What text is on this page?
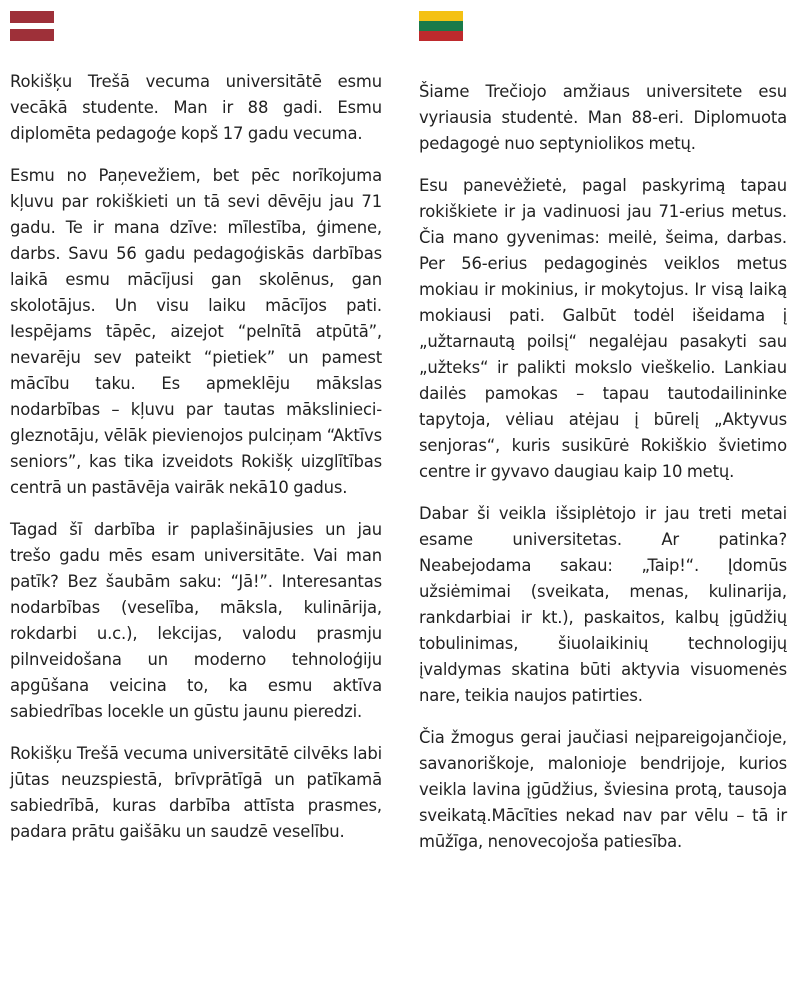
Rokišķu Trešā vecuma universitātē esmu vecākā studente. Man ir 88 gadi. Esmu diplomēta pedagoģe kopš 17 gadu vecuma.

Esmu no Paņevežiem, bet pēc norīkojuma kļuvu par rokiškieti un tā sevi dēvēju jau 71 gadu. Te ir mana dzīve: mīlestība, ģimene, darbs. Savu 56 gadu pedagoģiskās darbības laikā esmu mācījusi gan skolēnus, gan skolotājus. Un visu laiku mācījos pati. Iespējams tāpēc, aizejot “pelnītā atpūtā”, nevarēju sev pateikt “pietiek” un pamest mācību taku. Es apmeklēju mākslas nodarbības – kļuvu par tautas mākslinieci-gleznotāju, vēlāk pievienojos pulciņam “Aktīvs seniors”, kas tika izveidots Rokišķ uizglītības centrā un pastāvēja vairāk nekā10 gadus.

Tagad šī darbība ir paplašinājusies un jau trešo gadu mēs esam universitāte. Vai man patīk? Bez šaubām saku: “Jā!”. Interesantas nodarbības (veselība, māksla, kulinārija, rokdarbi u.c.), lekcijas, valodu prasmju pilnveidošana un moderno tehnoloģiju apgūšana veicina to, ka esmu aktīva sabiedrības locekle un gūstu jaunu pieredzi.

Rokišķu Trešā vecuma universitātē cilvēks labi jūtas neuzspiestā, brīvprātīgā un patīkamā sabiedrībā, kuras darbība attīsta prasmes, padara prātu gaišāku un saudzē veselību.

Šiame Trečiojo amžiaus universitete esu vyriausia studentė. Man 88-eri. Diplomuota pedagogė nuo septyniolikos metų.

Esu panevėžietė, pagal paskyrimą tapau rokiškiete ir ja vadinuosi jau 71-erius metus. Čia mano gyvenimas: meilė, šeima, darbas. Per 56-erius pedagoginės veiklos metus mokiau ir mokinius, ir mokytojus. Ir visą laiką mokiausi pati. Galbūt todėl išeidama į „užtarnautą poilsį“ negalėjau pasakyti sau „užteks“ ir palikti mokslo vieškelio. Lankiau dailės pamokas – tapau tautodailininke tapytoja, vėliau atėjau į būrelį „Aktyvus senjoras“, kuris susikūrė Rokiškio švietimo centre ir gyvavo daugiau kaip 10 metų.

Dabar ši veikla išsiplėtojo ir jau treti metai esame universitetas. Ar patinka? Neabejodama sakau: „Taip!“. Įdomūs užsiėmimai (sveikata, menas, kulinarija, rankdarbiai ir kt.), paskaitos, kalbų įgūdžių tobulinimas, šiuolaikinių technologijų įvaldymas skatina būti aktyvia visuomenės nare, teikia naujos patirties.

Čia žmogus gerai jaučiasi neįpareigojančioje, savanoriškoje, malonioje bendrijoje, kurios veikla lavina įgūdžius, šviesina protą, tausoja sveikatą.Mācīties nekad nav par vēlu – tā ir mūžīga, nenovecojoša patiesība.
